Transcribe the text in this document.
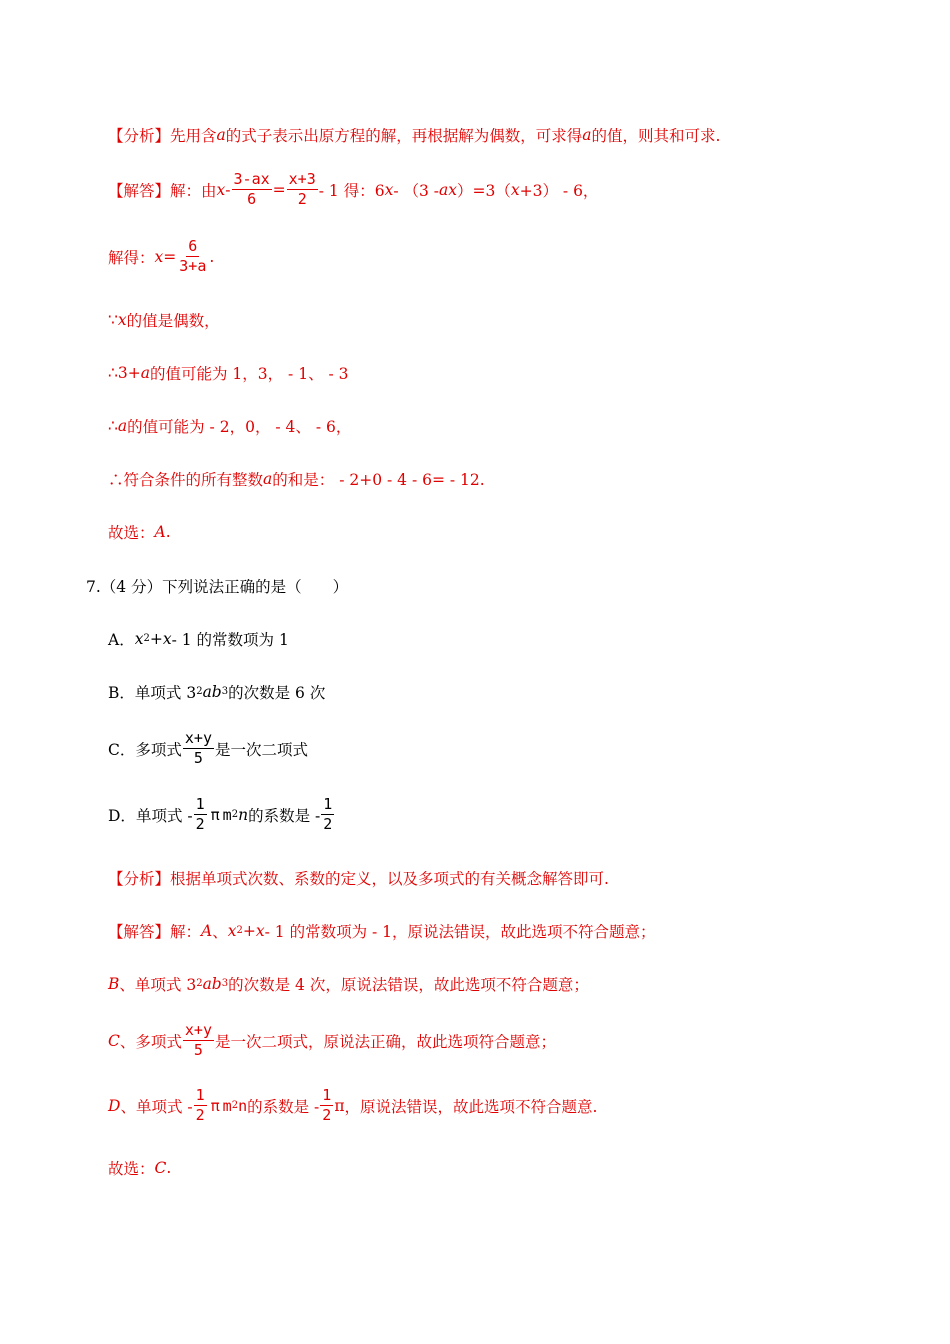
【分析】 先用含 a 的式子表示出原方程的解，再根据解为偶数，可求得 a 的值，则其和可求.
【解答】 解：由 $x - \frac{3-ax}{6} = \frac{x+3}{2} - 1$ 得：6 x - （3 - ax ）=3（ x +3） - 6，
解得： $x = \frac{6}{3+a}$ .
∵ x 的值是偶数，
∴3+ a 的值可能为 1，3， - 1、 - 3
∴ a 的值可能为 - 2，0， - 4、 - 6，
∴符合条件的所有整数 a 的和是： - 2+0 - 4 - 6= - 12.
故选： A .
7.（4 分）下列说法正确的是（　　）
A． x 2 + x - 1 的常数项为 1
B． 单项式 3 2 ab 3 的次数是 6 次
C． 多项式 $\frac{x+y}{5}$ 是一次二项式
D． 单项式 - $\frac{1}{2}$ π m 2 n 的系数是 - $\frac{1}{2}$
【分析】 根据单项式次数、系数的定义，以及多项式的有关概念解答即可.
【解答】 解： A 、 x 2 + x - 1 的常数项为 - 1，原说法错误，故此选项不符合题意；
B 、单项式 3 2 ab 3 的次数是 4 次，原说法错误，故此选项不符合题意；
C 、多项式 $\frac{x+y}{5}$ 是一次二项式，原说法正确，故此选项符合题意；
D 、单项式 - $\frac{1}{2}$ π m 2 n 的系数是 - $\frac{1}{2}$ π ，原说法错误，故此选项不符合题意.
故选： C .
